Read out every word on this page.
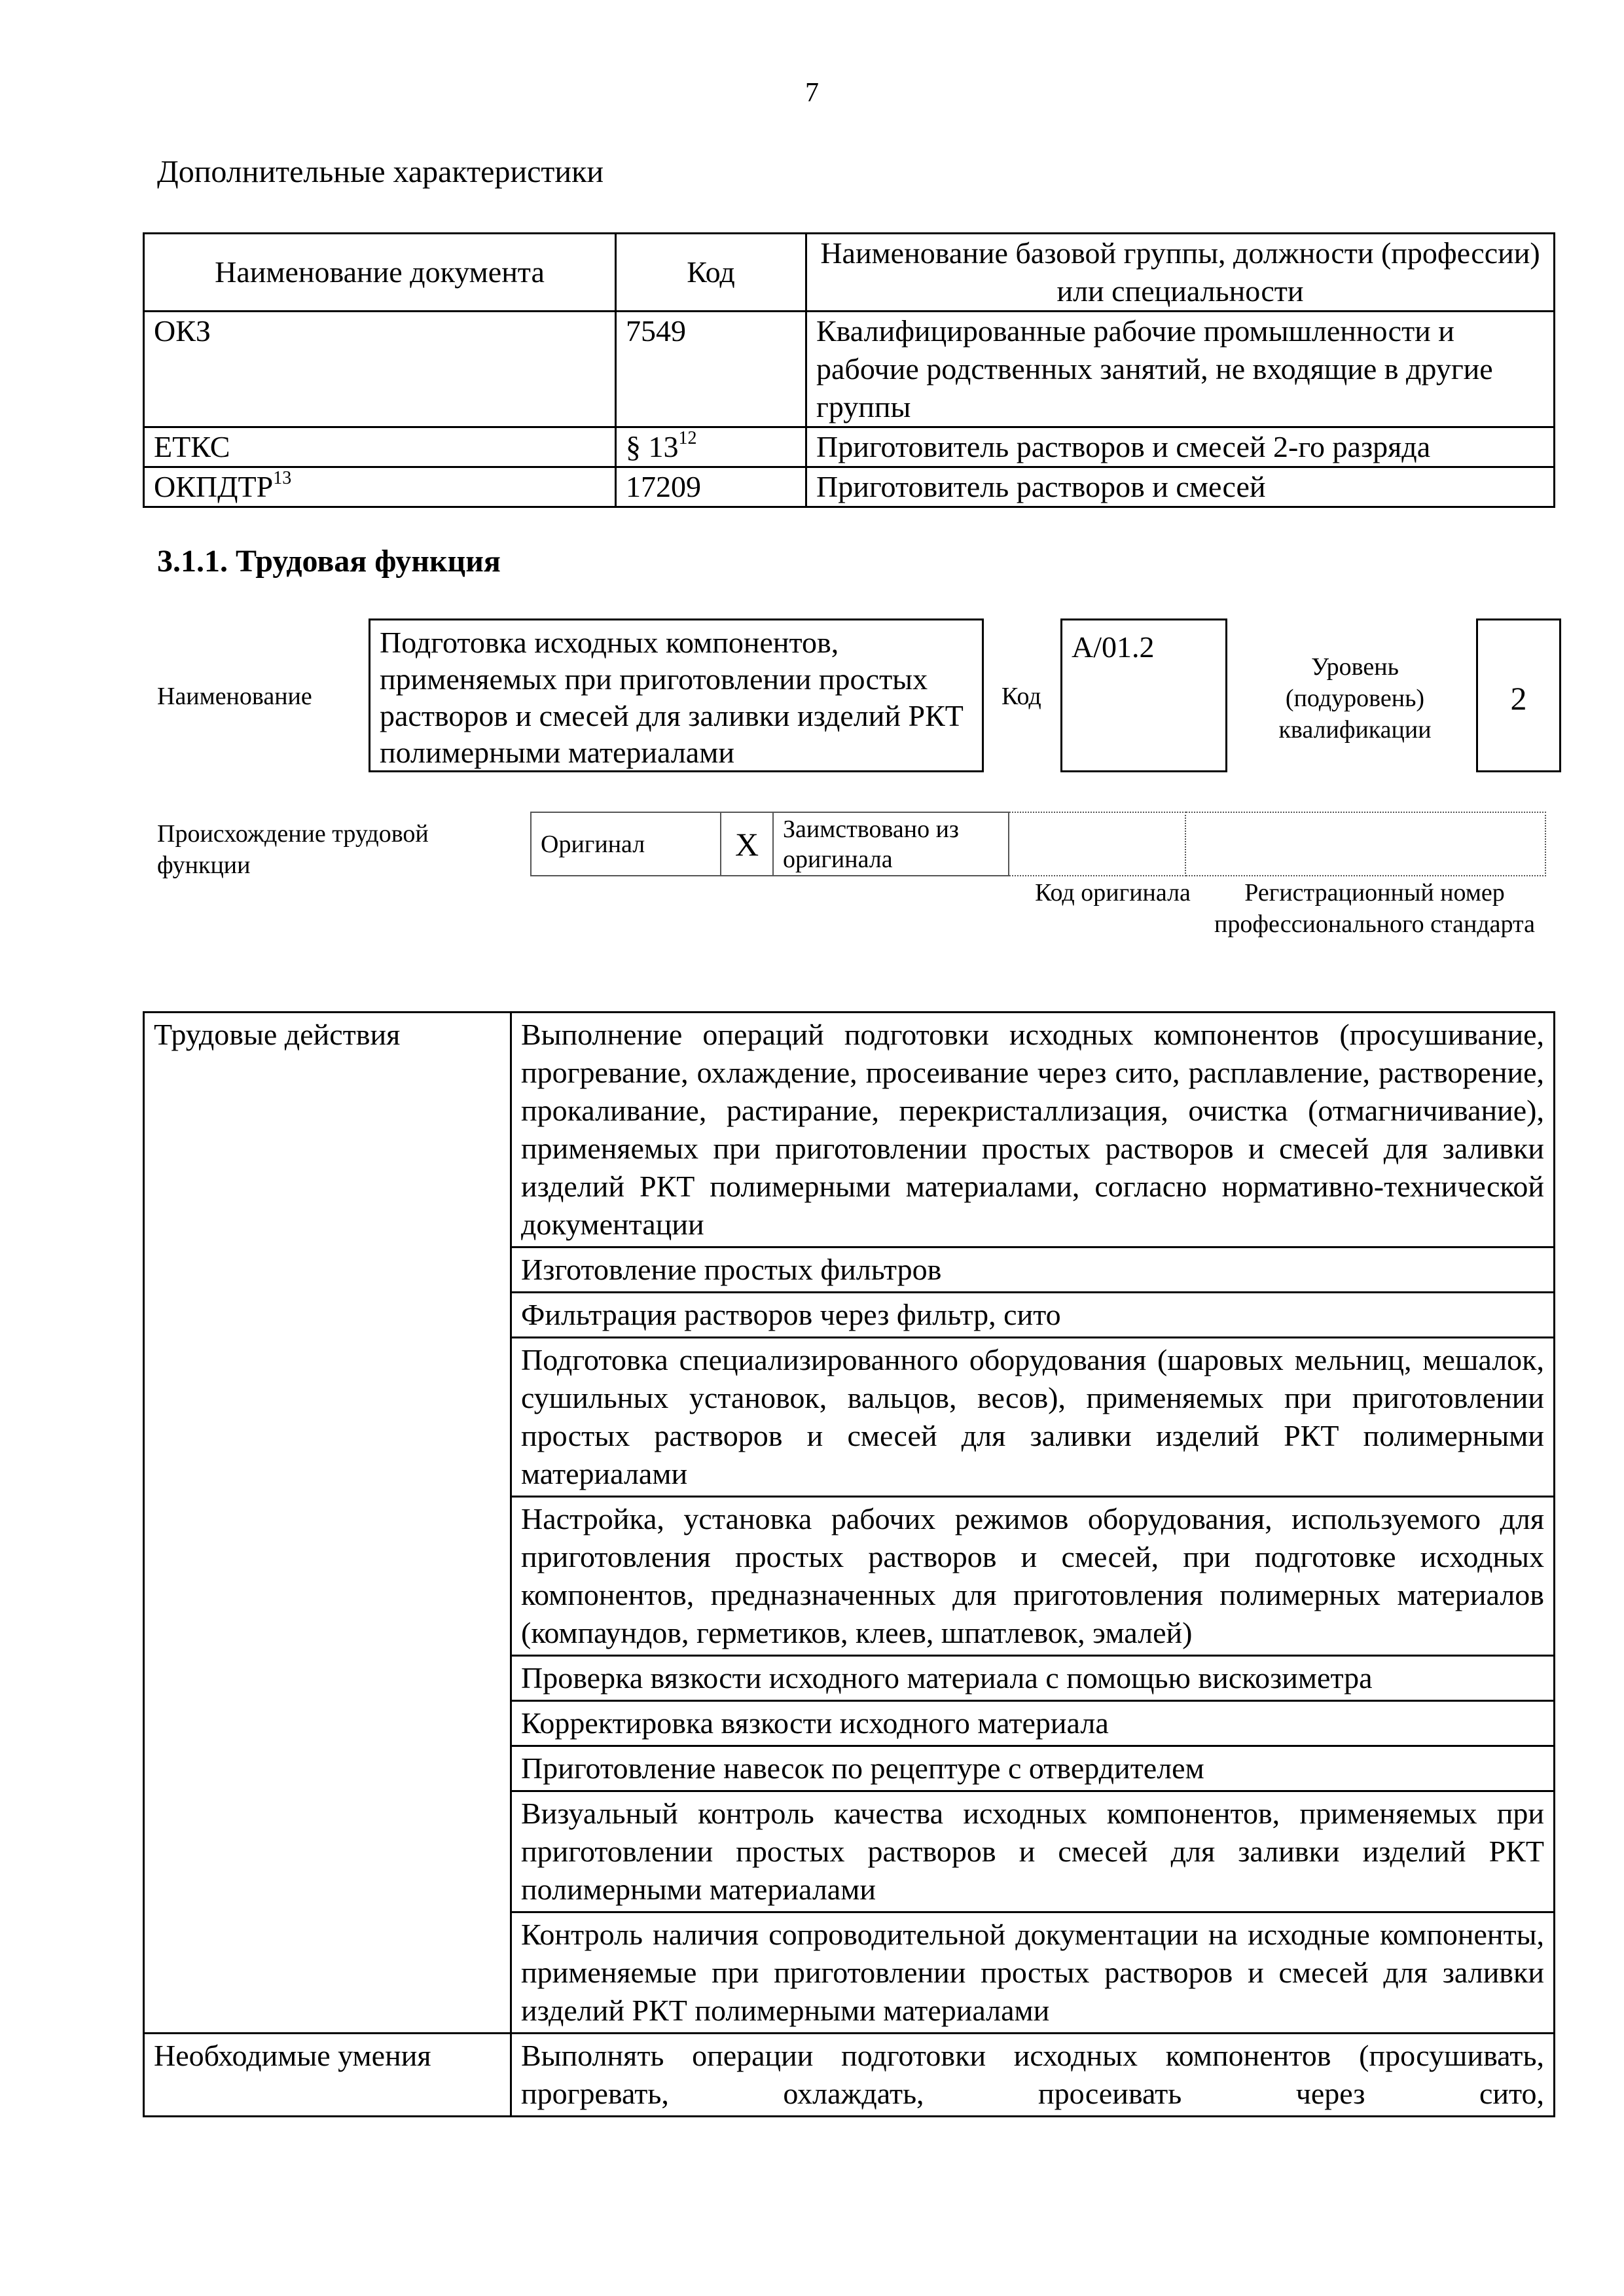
7
Дополнительные характеристики
Наименование документа	Код	Наименование базовой группы, должности (профессии) или специальности
ОКЗ	7549	Квалифицированные рабочие промышленности и рабочие родственных занятий, не входящие в другие группы
ЕТКС	§ $13^{12}$	Приготовитель растворов и смесей 2-го разряда
ОКПДТР$^{13}$	17209	Приготовитель растворов и смесей
3.1.1. Трудовая функция
Наименование
Подготовка исходных компонентов, применяемых при приготовлении простых растворов и смесей для заливки изделий РКТ полимерными материалами
Код
А/01.2
Уровень (подуровень) квалификации
2
Происхождение трудовой функции
Оригинал	X	Заимствовано из оригинала		
Код оригинала	Регистрационный номер профессионального стандарта
Трудовые действия	Выполнение операций подготовки исходных компонентов (просушивание, прогревание, охлаждение, просеивание через сито, расплавление, растворение, прокаливание, растирание, перекристаллизация, очистка (отмагничивание), применяемых при приготовлении простых растворов и смесей для заливки изделий РКТ полимерными материалами, согласно нормативно-технической документации
	Изготовление простых фильтров
	Фильтрация растворов через фильтр, сито
	Подготовка специализированного оборудования (шаровых мельниц, мешалок, сушильных установок, вальцов, весов), применяемых при приготовлении простых растворов и смесей для заливки изделий РКТ полимерными материалами
	Настройка, установка рабочих режимов оборудования, используемого для приготовления простых растворов и смесей, при подготовке исходных компонентов, предназначенных для приготовления полимерных материалов (компаундов, герметиков, клеев, шпатлевок, эмалей)
	Проверка вязкости исходного материала с помощью вискозиметра
	Корректировка вязкости исходного материала
	Приготовление навесок по рецептуре с отвердителем
	Визуальный контроль качества исходных компонентов, применяемых при приготовлении простых растворов и смесей для заливки изделий РКТ полимерными материалами
	Контроль наличия сопроводительной документации на исходные компоненты, применяемые при приготовлении простых растворов и смесей для заливки изделий РКТ полимерными материалами
Необходимые умения	Выполнять операции подготовки исходных компонентов (просушивать, прогревать, охлаждать, просеивать через сито,
